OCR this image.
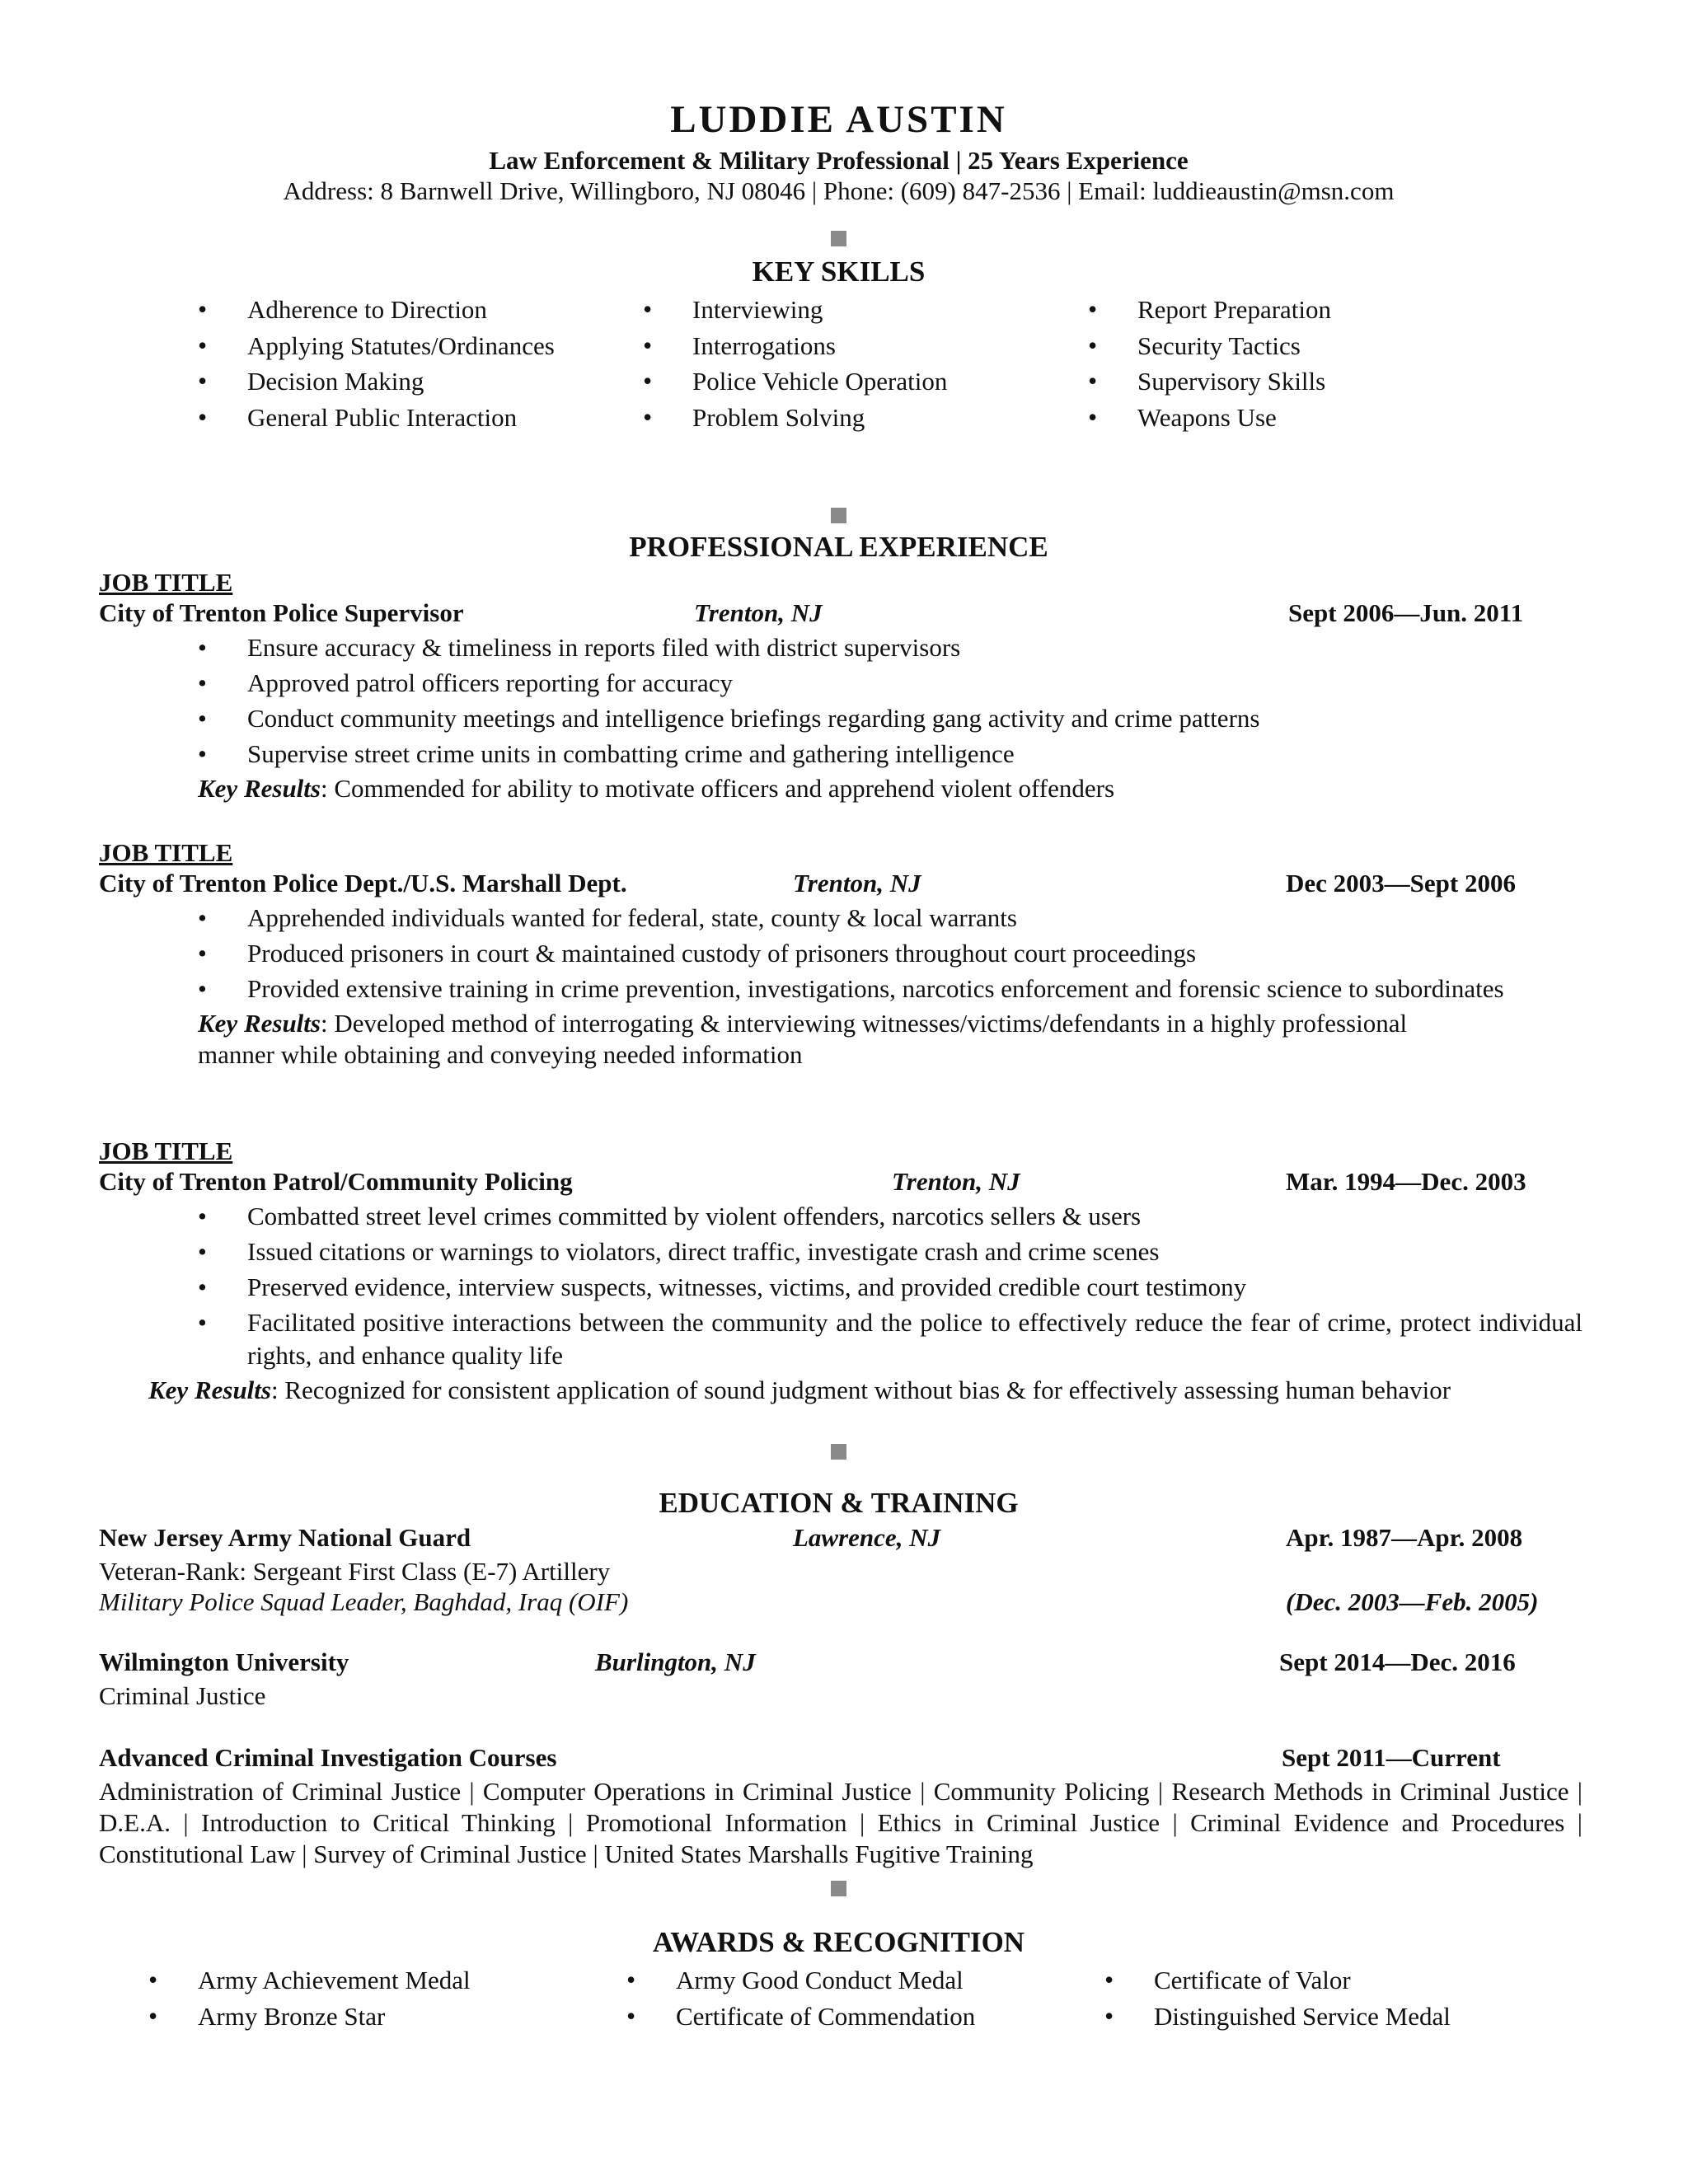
LUDDIE AUSTIN
Law Enforcement & Military Professional | 25 Years Experience
Address: 8 Barnwell Drive, Willingboro, NJ 08046 | Phone: (609) 847-2536 | Email: luddieaustin@msn.com
KEY SKILLS
• Adherence to Direction
• Applying Statutes/Ordinances
• Decision Making
• General Public Interaction
• Interviewing
• Interrogations
• Police Vehicle Operation
• Problem Solving
• Report Preparation
• Security Tactics
• Supervisory Skills
• Weapons Use
PROFESSIONAL EXPERIENCE
JOB TITLE
City of Trenton Police Supervisor	Trenton, NJ	Sept 2006—Jun. 2011
• Ensure accuracy & timeliness in reports filed with district supervisors
• Approved patrol officers reporting for accuracy
• Conduct community meetings and intelligence briefings regarding gang activity and crime patterns
• Supervise street crime units in combatting crime and gathering intelligence
Key Results: Commended for ability to motivate officers and apprehend violent offenders
JOB TITLE
City of Trenton Police Dept./U.S. Marshall Dept.	Trenton, NJ	Dec 2003—Sept 2006
• Apprehended individuals wanted for federal, state, county & local warrants
• Produced prisoners in court & maintained custody of prisoners throughout court proceedings
• Provided extensive training in crime prevention, investigations, narcotics enforcement and forensic science to subordinates
Key Results: Developed method of interrogating & interviewing witnesses/victims/defendants in a highly professional manner while obtaining and conveying needed information
JOB TITLE
City of Trenton Patrol/Community Policing	Trenton, NJ	Mar. 1994—Dec. 2003
• Combatted street level crimes committed by violent offenders, narcotics sellers & users
• Issued citations or warnings to violators, direct traffic, investigate crash and crime scenes
• Preserved evidence, interview suspects, witnesses, victims, and provided credible court testimony
• Facilitated positive interactions between the community and the police to effectively reduce the fear of crime, protect individual rights, and enhance quality life
Key Results: Recognized for consistent application of sound judgment without bias & for effectively assessing human behavior
EDUCATION & TRAINING
New Jersey Army National Guard	Lawrence, NJ	Apr. 1987—Apr. 2008
Veteran-Rank: Sergeant First Class (E-7) Artillery
Military Police Squad Leader, Baghdad, Iraq (OIF)	(Dec. 2003—Feb. 2005)
Wilmington University	Burlington, NJ	Sept 2014—Dec. 2016
Criminal Justice
Advanced Criminal Investigation Courses	Sept 2011—Current
Administration of Criminal Justice | Computer Operations in Criminal Justice | Community Policing | Research Methods in Criminal Justice | D.E.A. | Introduction to Critical Thinking | Promotional Information | Ethics in Criminal Justice | Criminal Evidence and Procedures | Constitutional Law | Survey of Criminal Justice | United States Marshalls Fugitive Training
AWARDS & RECOGNITION
• Army Achievement Medal
• Army Bronze Star
• Army Good Conduct Medal
• Certificate of Commendation
• Certificate of Valor
• Distinguished Service Medal
